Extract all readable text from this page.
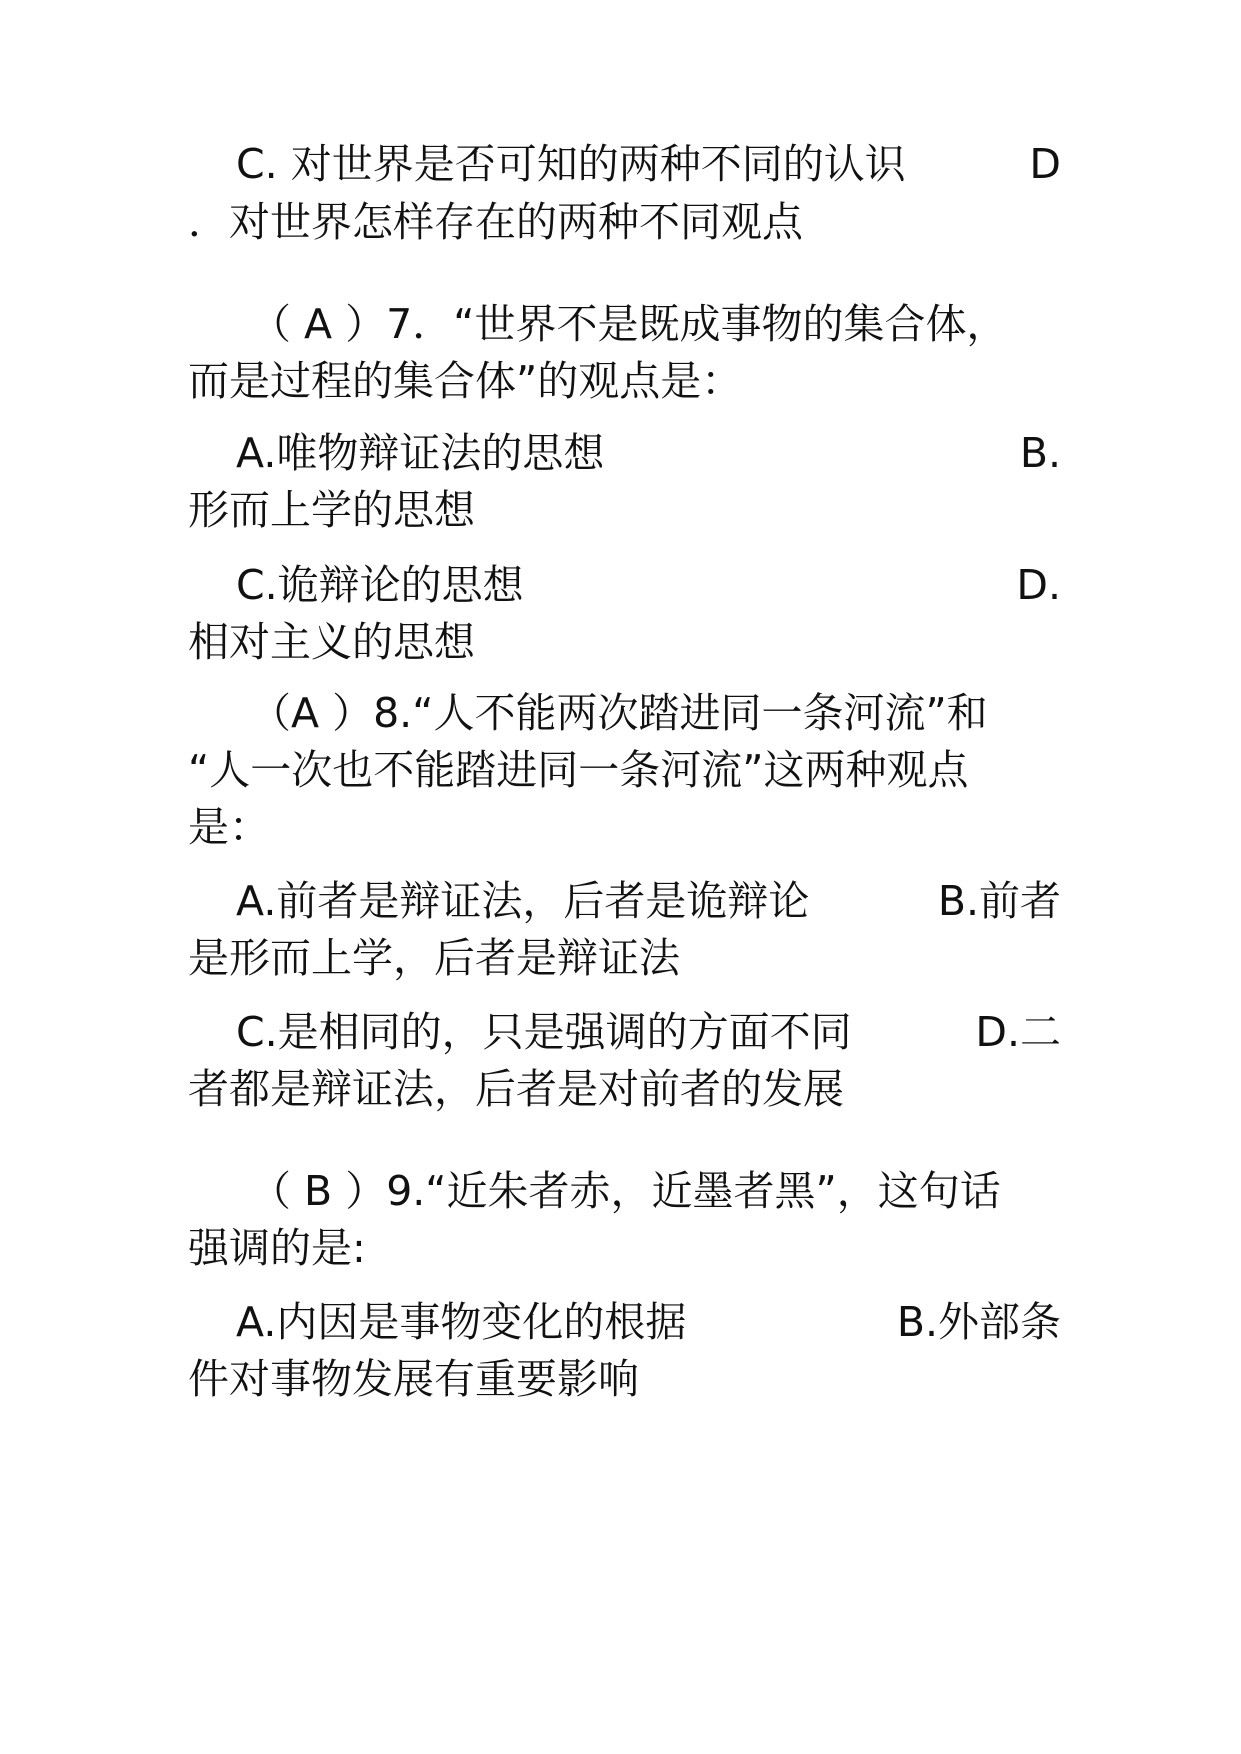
C. 对世界是否可知的两种不同的认识	D
．对世界怎样存在的两种不同观点
（ A ）7．“世界不是既成事物的集合体，
而是过程的集合体”的观点是：
A.唯物辩证法的思想	B.
形而上学的思想
C.诡辩论的思想	D.
相对主义的思想
（A ）8.“人不能两次踏进同一条河流”和
“人一次也不能踏进同一条河流”这两种观点
是：
A.前者是辩证法，后者是诡辩论	B.前者
是形而上学，后者是辩证法
C.是相同的，只是强调的方面不同	D.二
者都是辩证法，后者是对前者的发展
（ B ）9.“近朱者赤，近墨者黑”，这句话
强调的是:
A.内因是事物变化的根据	B.外部条
件对事物发展有重要影响
